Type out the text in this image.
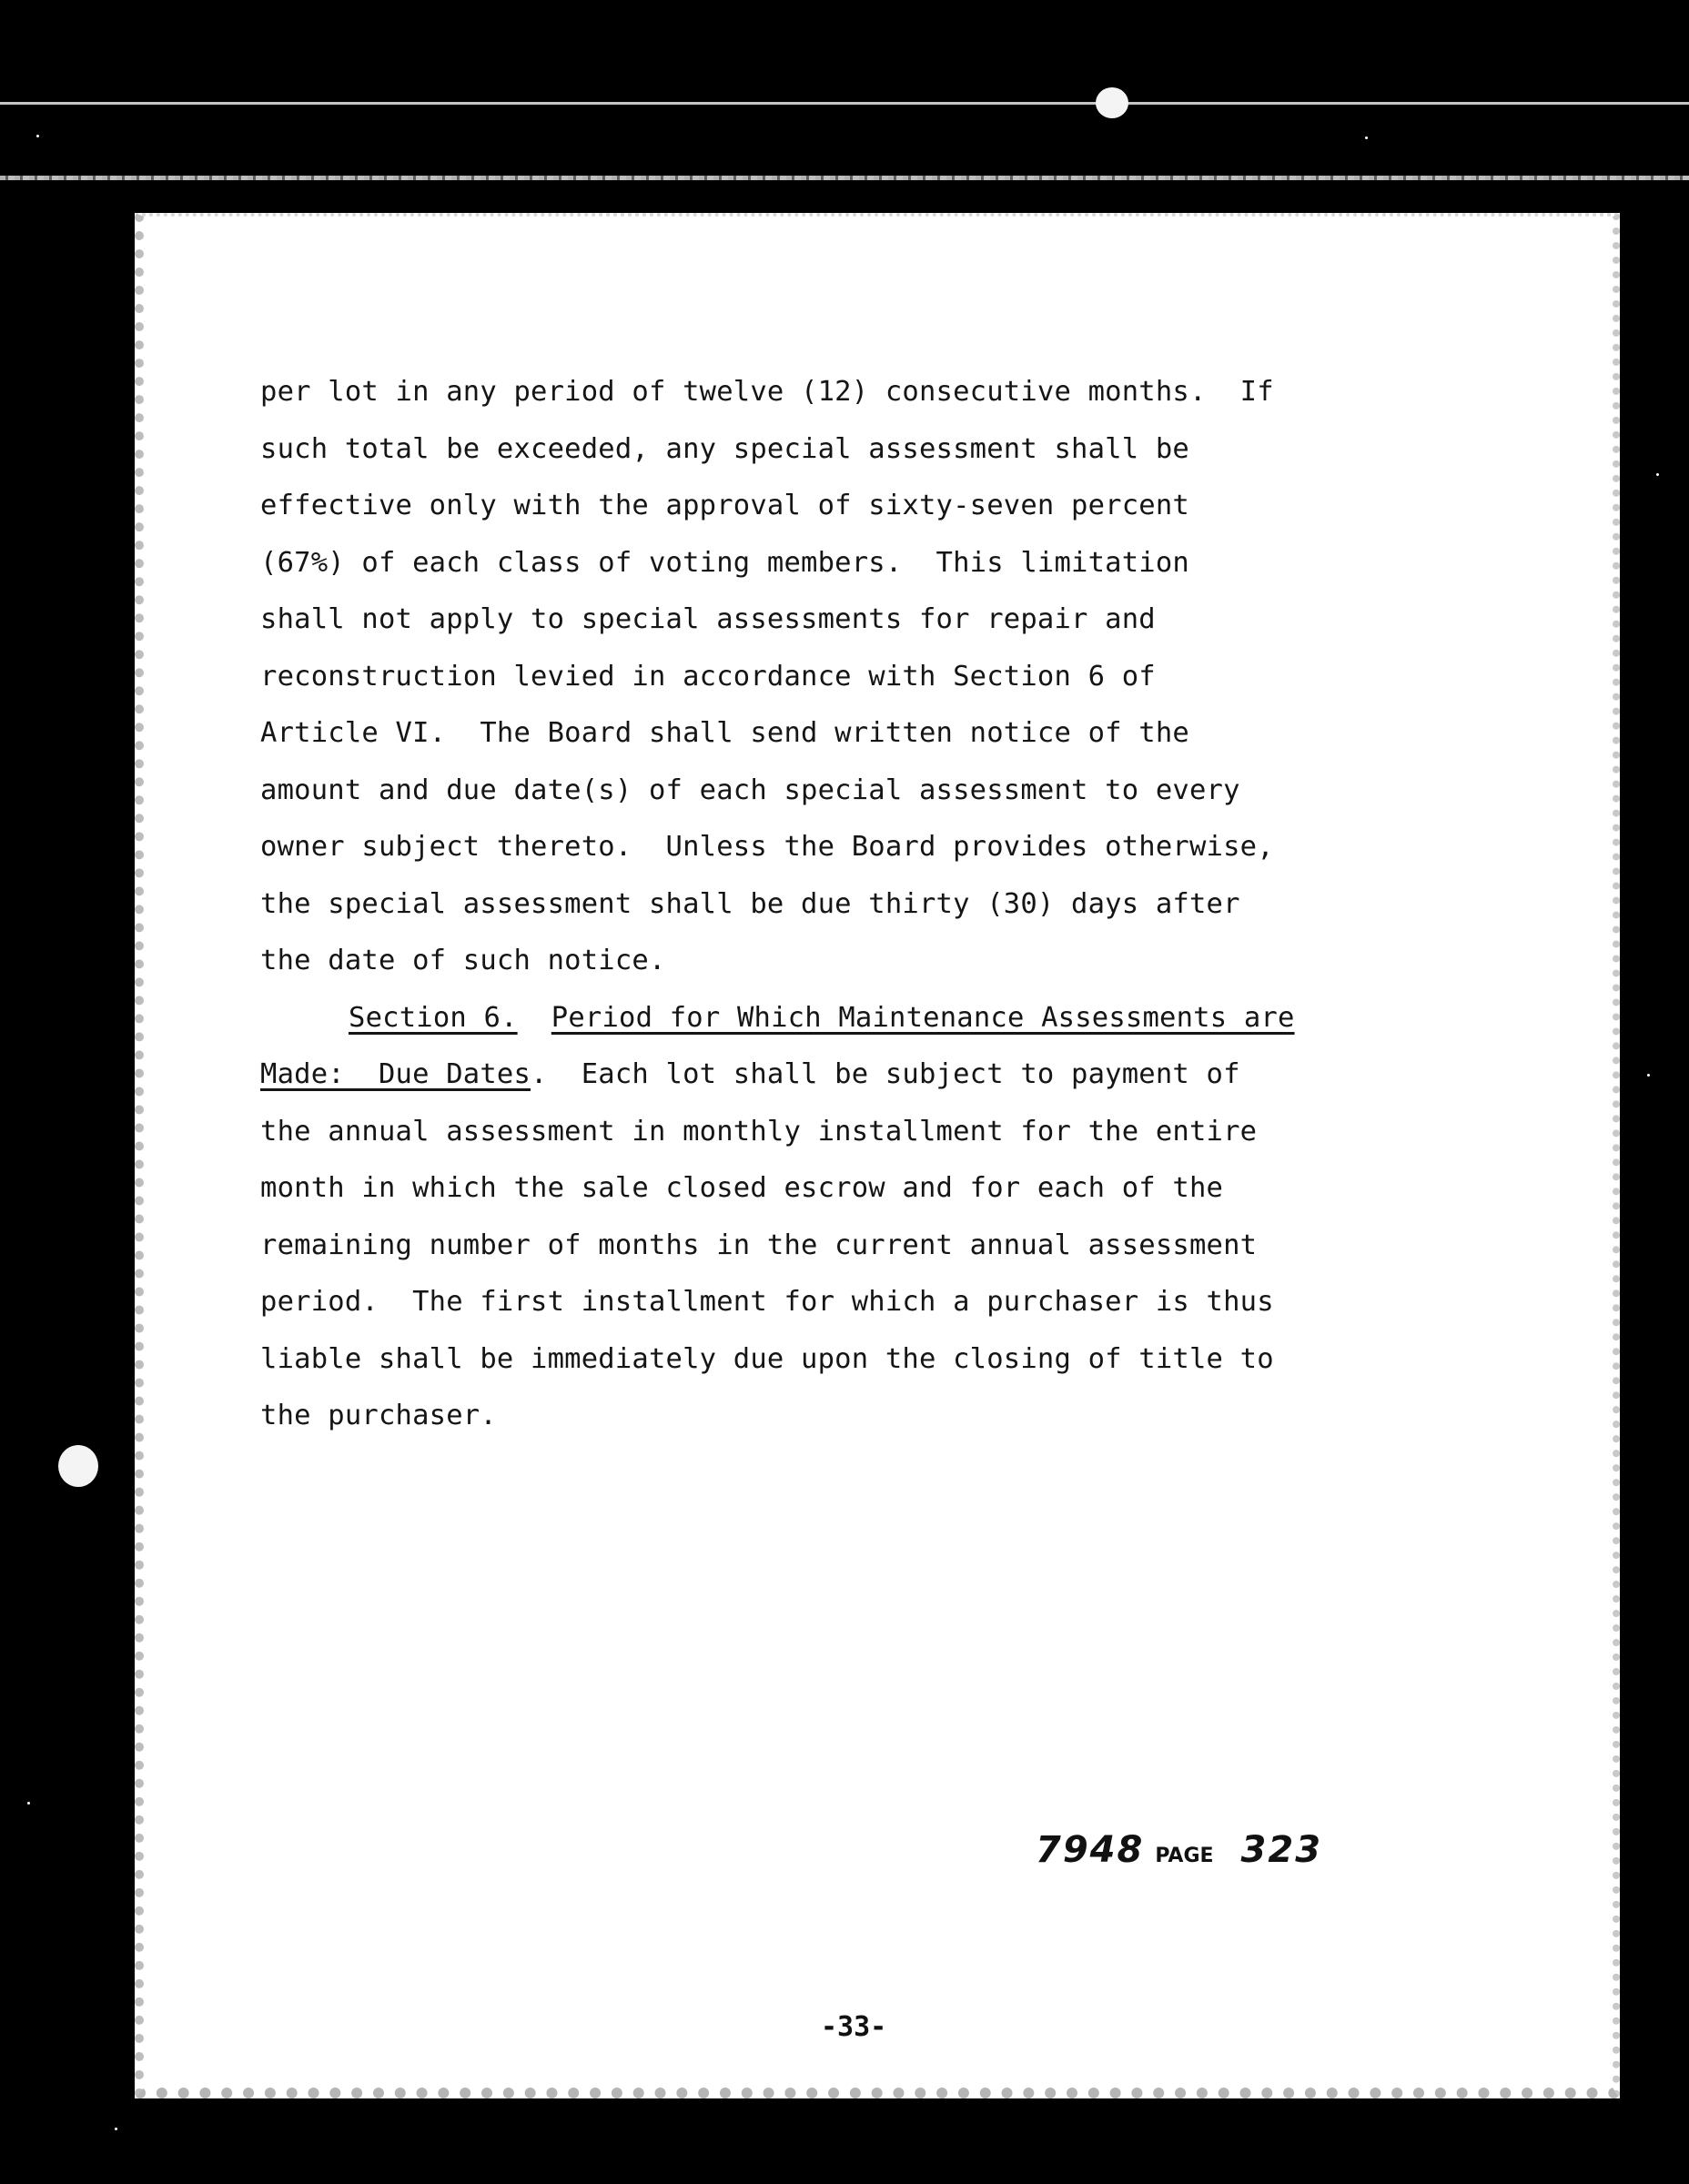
per lot in any period of twelve (12) consecutive months.  If
such total be exceeded, any special assessment shall be
effective only with the approval of sixty-seven percent
(67%) of each class of voting members.  This limitation
shall not apply to special assessments for repair and
reconstruction levied in accordance with Section 6 of
Article VI.  The Board shall send written notice of the
amount and due date(s) of each special assessment to every
owner subject thereto.  Unless the Board provides otherwise,
the special assessment shall be due thirty (30) days after
the date of such notice.
Section 6. Period for Which Maintenance Assessments are
Made:  Due Dates.  Each lot shall be subject to payment of
the annual assessment in monthly installment for the entire
month in which the sale closed escrow and for each of the
remaining number of months in the current annual assessment
period.  The first installment for which a purchaser is thus
liable shall be immediately due upon the closing of title to
the purchaser.
7948 PAGE 323
-33-
